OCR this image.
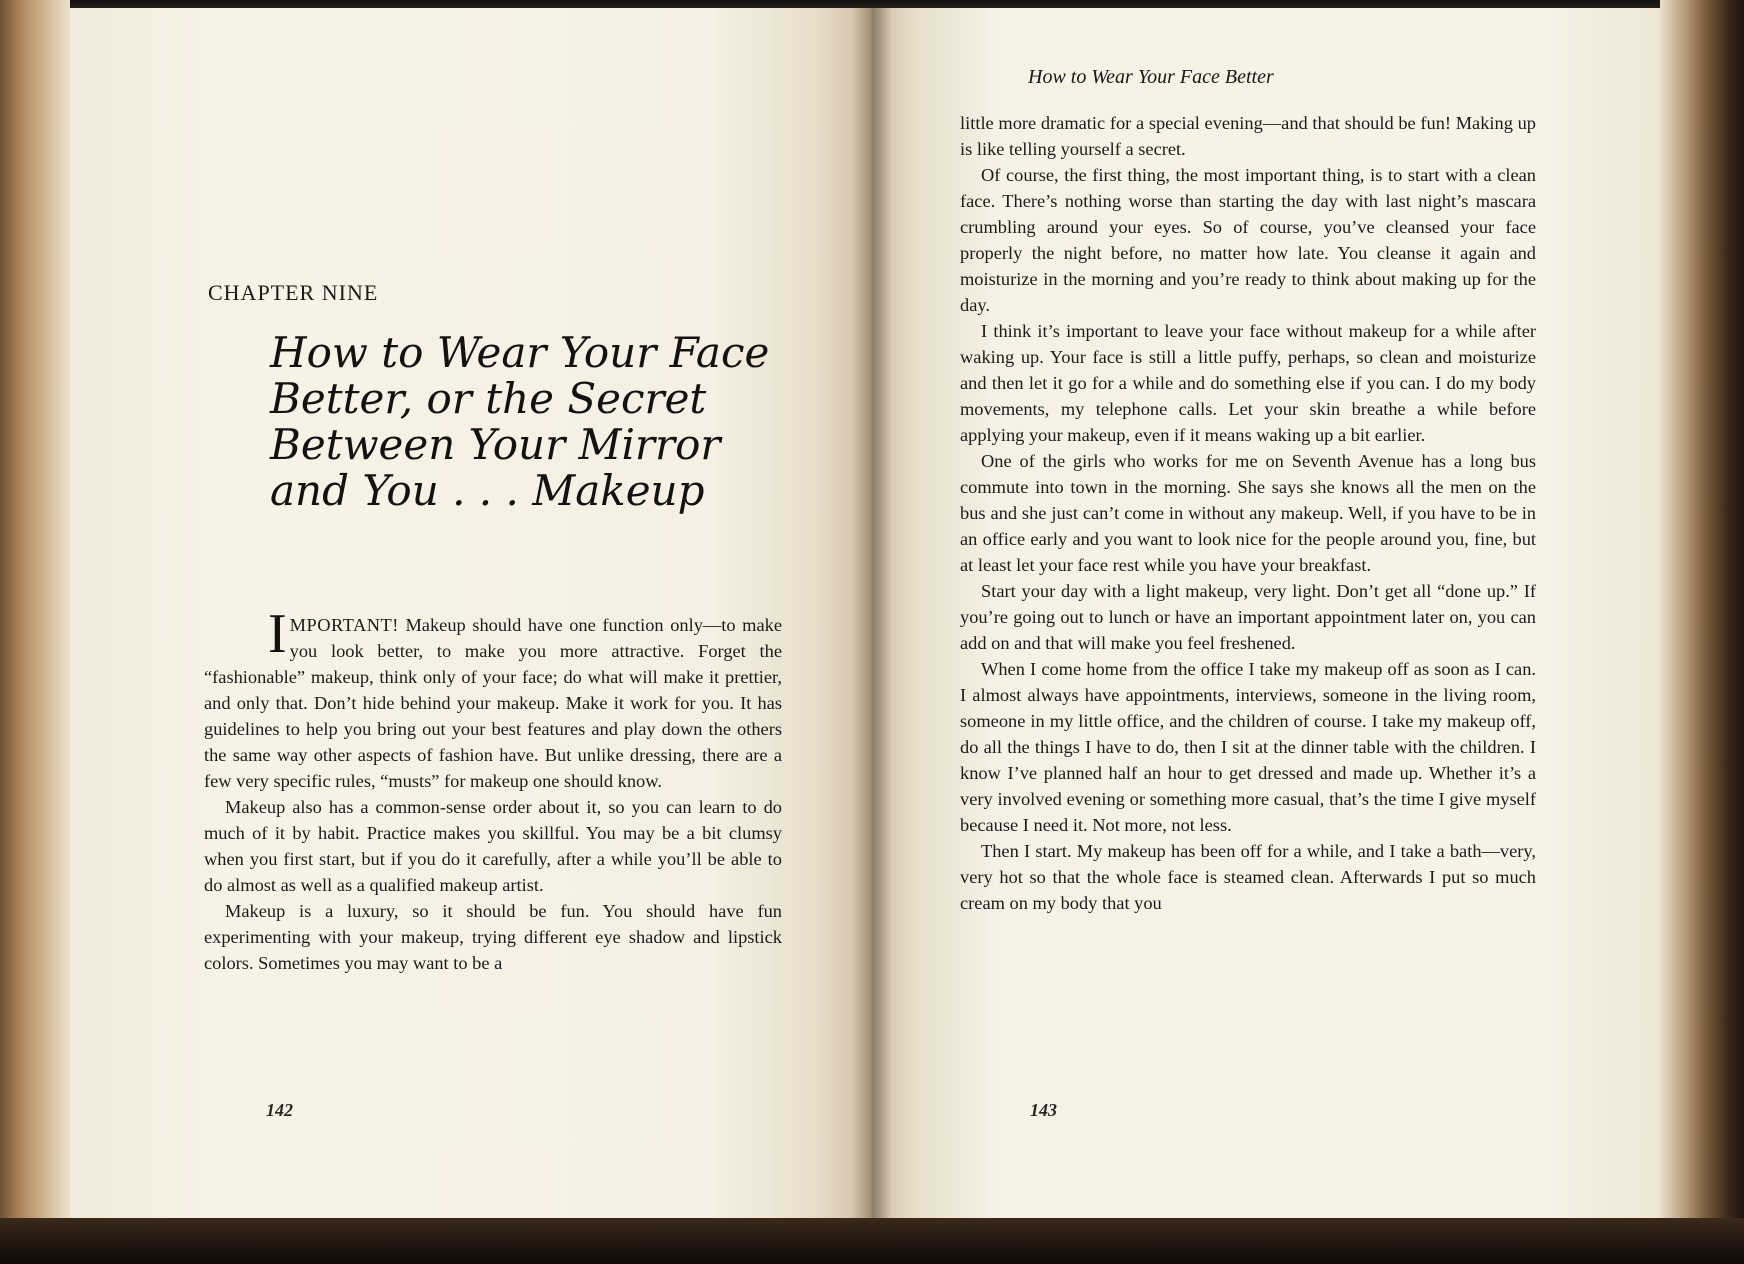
CHAPTER NINE

How to Wear Your Face
Better, or the Secret
Between Your Mirror
and You . . . Makeup

IMPORTANT! Makeup should have one function only—to make you look better, to make you more attractive. Forget the “fashionable” makeup, think only of your face; do what will make it prettier, and only that. Don’t hide behind your makeup. Make it work for you. It has guidelines to help you bring out your best features and play down the others the same way other aspects of fashion have. But unlike dressing, there are a few very specific rules, “musts” for makeup one should know.

Makeup also has a common-sense order about it, so you can learn to do much of it by habit. Practice makes you skillful. You may be a bit clumsy when you first start, but if you do it carefully, after a while you’ll be able to do almost as well as a qualified makeup artist.

Makeup is a luxury, so it should be fun. You should have fun experimenting with your makeup, trying different eye shadow and lipstick colors. Sometimes you may want to be a

142

How to Wear Your Face Better

little more dramatic for a special evening—and that should be fun! Making up is like telling yourself a secret.

Of course, the first thing, the most important thing, is to start with a clean face. There’s nothing worse than starting the day with last night’s mascara crumbling around your eyes. So of course, you’ve cleansed your face properly the night before, no matter how late. You cleanse it again and moisturize in the morning and you’re ready to think about making up for the day.

I think it’s important to leave your face without makeup for a while after waking up. Your face is still a little puffy, perhaps, so clean and moisturize and then let it go for a while and do something else if you can. I do my body movements, my telephone calls. Let your skin breathe a while before applying your makeup, even if it means waking up a bit earlier.

One of the girls who works for me on Seventh Avenue has a long bus commute into town in the morning. She says she knows all the men on the bus and she just can’t come in without any makeup. Well, if you have to be in an office early and you want to look nice for the people around you, fine, but at least let your face rest while you have your breakfast.

Start your day with a light makeup, very light. Don’t get all “done up.” If you’re going out to lunch or have an important appointment later on, you can add on and that will make you feel freshened.

When I come home from the office I take my makeup off as soon as I can. I almost always have appointments, interviews, someone in the living room, someone in my little office, and the children of course. I take my makeup off, do all the things I have to do, then I sit at the dinner table with the children. I know I’ve planned half an hour to get dressed and made up. Whether it’s a very involved evening or something more casual, that’s the time I give myself because I need it. Not more, not less.

Then I start. My makeup has been off for a while, and I take a bath—very, very hot so that the whole face is steamed clean. Afterwards I put so much cream on my body that you

143
